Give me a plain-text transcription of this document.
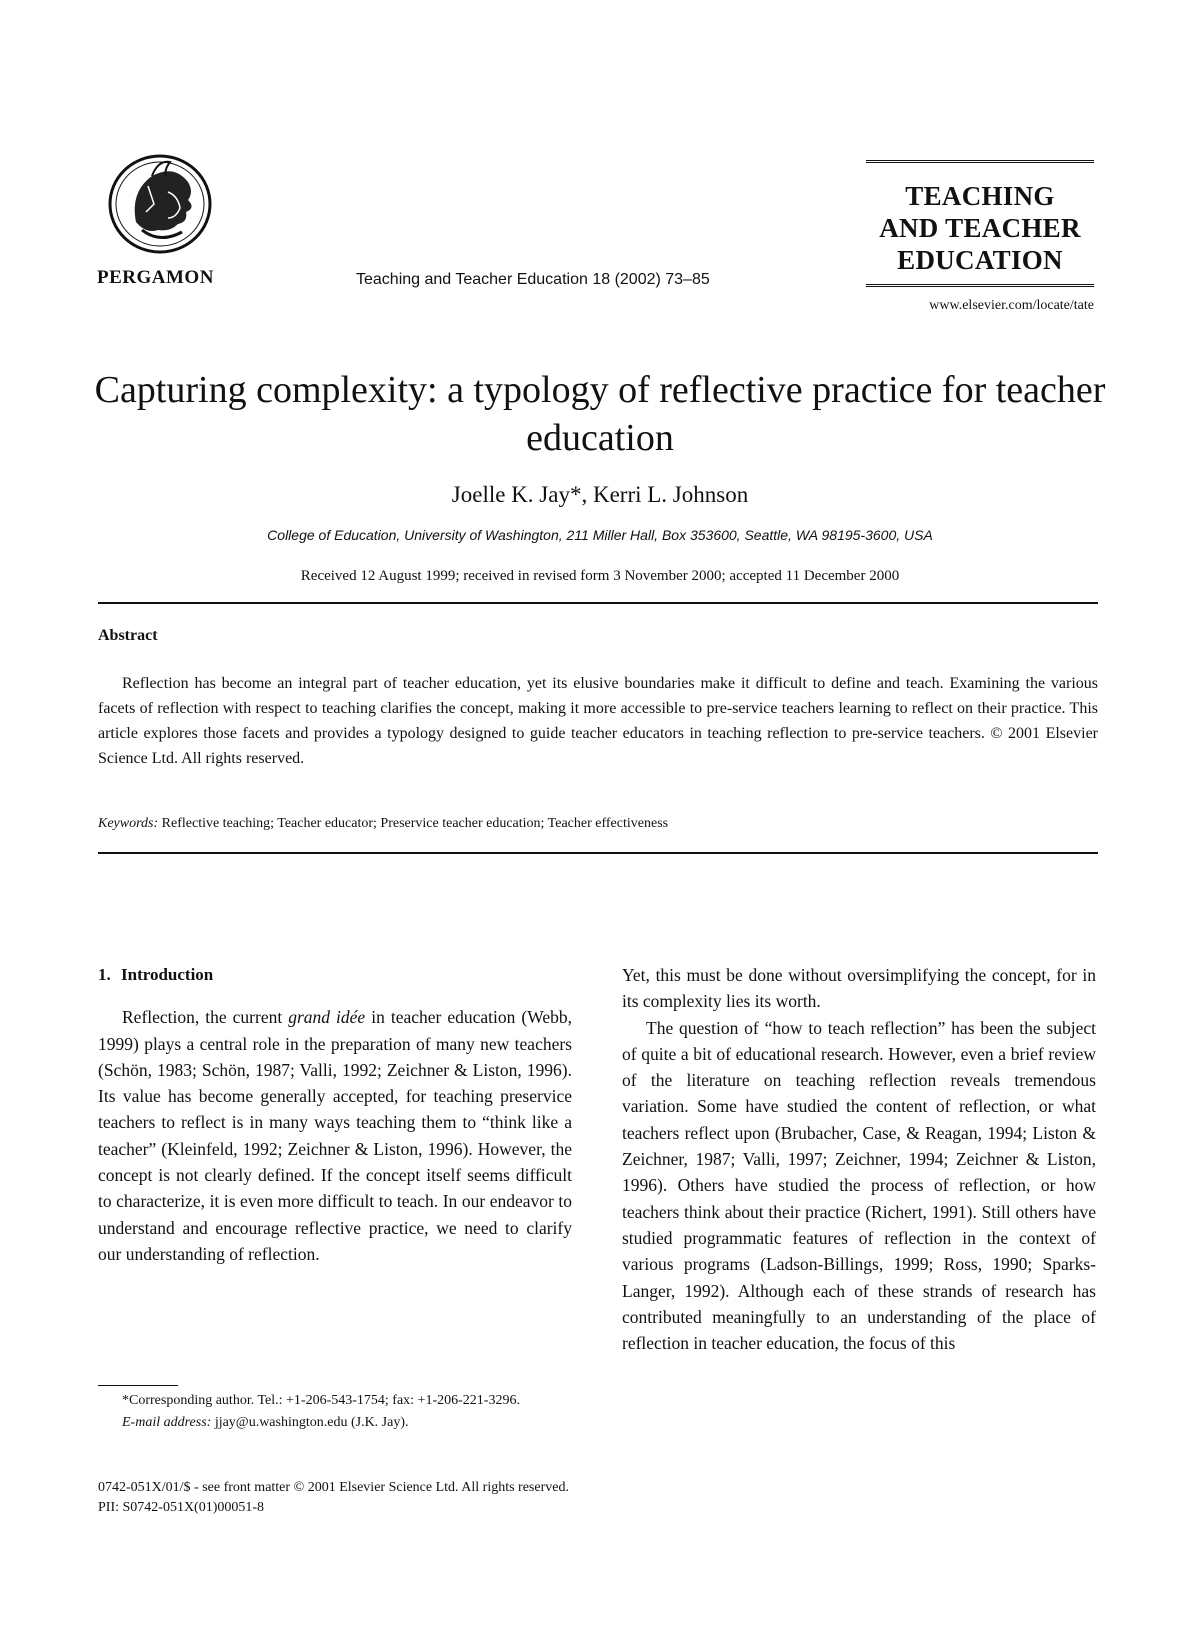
PERGAMON	Teaching and Teacher Education 18 (2002) 73–85
TEACHING
AND TEACHER
EDUCATION
www.elsevier.com/locate/tate
Capturing complexity: a typology of reflective practice for teacher education
Joelle K. Jay*, Kerri L. Johnson
College of Education, University of Washington, 211 Miller Hall, Box 353600, Seattle, WA 98195-3600, USA
Received 12 August 1999; received in revised form 3 November 2000; accepted 11 December 2000
Abstract

Reflection has become an integral part of teacher education, yet its elusive boundaries make it difficult to define and teach. Examining the various facets of reflection with respect to teaching clarifies the concept, making it more accessible to pre-service teachers learning to reflect on their practice. This article explores those facets and provides a typology designed to guide teacher educators in teaching reflection to pre-service teachers. © 2001 Elsevier Science Ltd. All rights reserved.

Keywords: Reflective teaching; Teacher educator; Preservice teacher education; Teacher effectiveness
1. Introduction

Reflection, the current grand idée in teacher education (Webb, 1999) plays a central role in the preparation of many new teachers (Schön, 1983; Schön, 1987; Valli, 1992; Zeichner & Liston, 1996). Its value has become generally accepted, for teaching preservice teachers to reflect is in many ways teaching them to “think like a teacher” (Kleinfeld, 1992; Zeichner & Liston, 1996). However, the concept is not clearly defined. If the concept itself seems difficult to characterize, it is even more difficult to teach. In our endeavor to understand and encourage reflective practice, we need to clarify our understanding of reflection.

*Corresponding author. Tel.: +1-206-543-1754; fax: +1-206-221-3296.

E-mail address: jjay@u.washington.edu (J.K. Jay).

Yet, this must be done without oversimplifying the concept, for in its complexity lies its worth.

The question of “how to teach reflection” has been the subject of quite a bit of educational research. However, even a brief review of the literature on teaching reflection reveals tremendous variation. Some have studied the content of reflection, or what teachers reflect upon (Brubacher, Case, & Reagan, 1994; Liston & Zeichner, 1987; Valli, 1997; Zeichner, 1994; Zeichner & Liston, 1996). Others have studied the process of reflection, or how teachers think about their practice (Richert, 1991). Still others have studied programmatic features of reflection in the context of various programs (Ladson-Billings, 1999; Ross, 1990; Sparks-Langer, 1992). Although each of these strands of research has contributed meaningfully to an understanding of the place of reflection in teacher education, the focus of this

0742-051X/01/$ - see front matter © 2001 Elsevier Science Ltd. All rights reserved.
PII: S0742-051X(01)00051-8
